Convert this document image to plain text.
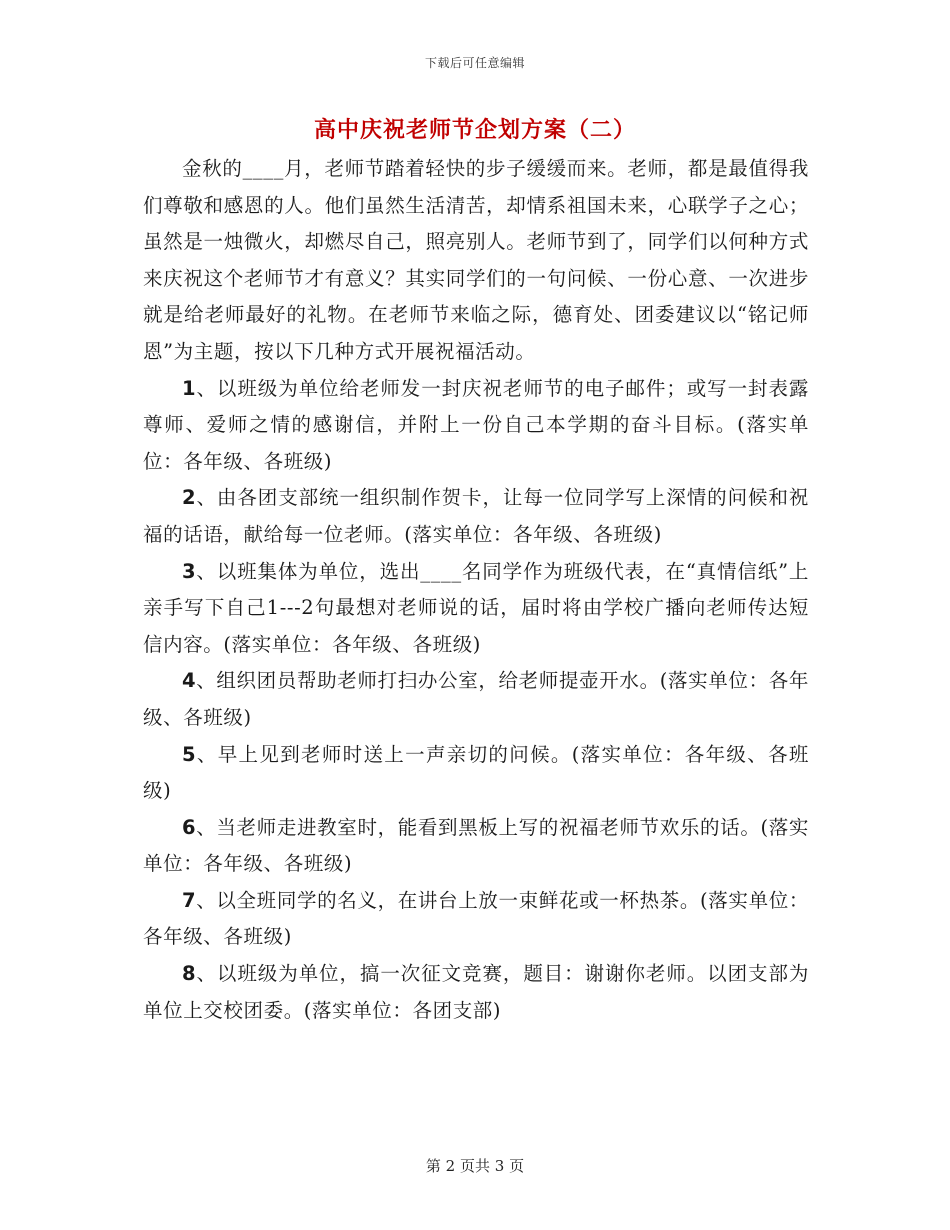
下载后可任意编辑
高中庆祝老师节企划方案（二）

金秋的____月，老师节踏着轻快的步子缓缓而来。老师，都是最值得我们尊敬和感恩的人。他们虽然生活清苦，却情系祖国未来，心联学子之心；虽然是一烛微火，却燃尽自己，照亮别人。老师节到了，同学们以何种方式来庆祝这个老师节才有意义？其实同学们的一句问候、一份心意、一次进步就是给老师最好的礼物。在老师节来临之际，德育处、团委建议以“铭记师恩”为主题，按以下几种方式开展祝福活动。

1、以班级为单位给老师发一封庆祝老师节的电子邮件；或写一封表露尊师、爱师之情的感谢信，并附上一份自己本学期的奋斗目标。(落实单位：各年级、各班级)

2、由各团支部统一组织制作贺卡，让每一位同学写上深情的问候和祝福的话语，献给每一位老师。(落实单位：各年级、各班级)

3、以班集体为单位，选出____名同学作为班级代表，在“真情信纸”上亲手写下自己1---2句最想对老师说的话，届时将由学校广播向老师传达短信内容。(落实单位：各年级、各班级)

4、组织团员帮助老师打扫办公室，给老师提壶开水。(落实单位：各年级、各班级)

5、早上见到老师时送上一声亲切的问候。(落实单位：各年级、各班级)

6、当老师走进教室时，能看到黑板上写的祝福老师节欢乐的话。(落实单位：各年级、各班级)

7、以全班同学的名义，在讲台上放一束鲜花或一杯热茶。(落实单位：各年级、各班级)

8、以班级为单位，搞一次征文竞赛，题目：谢谢你老师。以团支部为单位上交校团委。(落实单位：各团支部)

第 2 页共 3 页
